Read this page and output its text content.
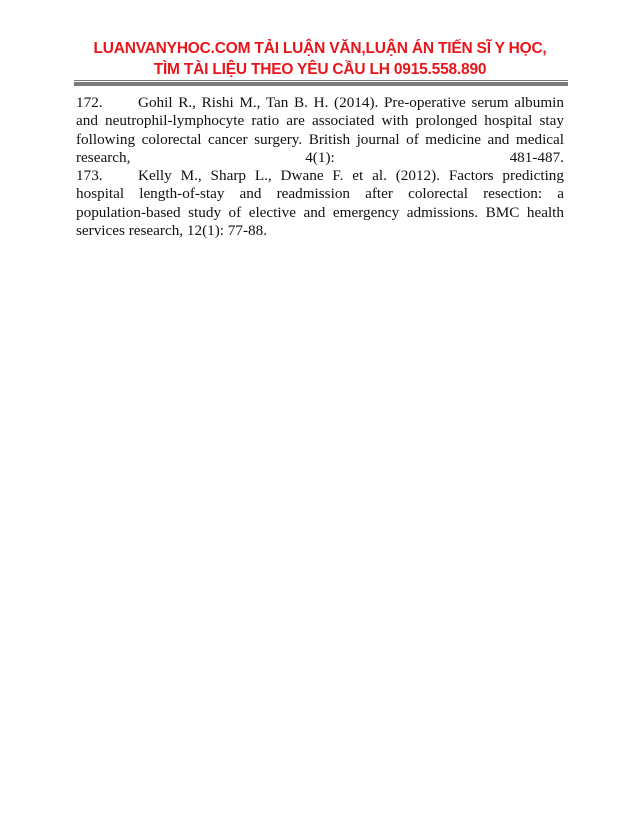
LUANVANYHOC.COM TẢI LUẬN VĂN,LUẬN ÁN TIẾN SĨ Y HỌC,
TÌM TÀI LIỆU THEO YÊU CẦU LH 0915.558.890
172. Gohil R., Rishi M., Tan B. H. (2014). Pre-operative serum albumin
and neutrophil-lymphocyte ratio are associated with prolonged hospital stay
following colorectal cancer surgery. British journal of medicine and medical
research, 4(1): 481-487.
173. Kelly M., Sharp L., Dwane F. et al. (2012). Factors predicting
hospital length-of-stay and readmission after colorectal resection: a
population-based study of elective and emergency admissions. BMC health
services research, 12(1): 77-88.
